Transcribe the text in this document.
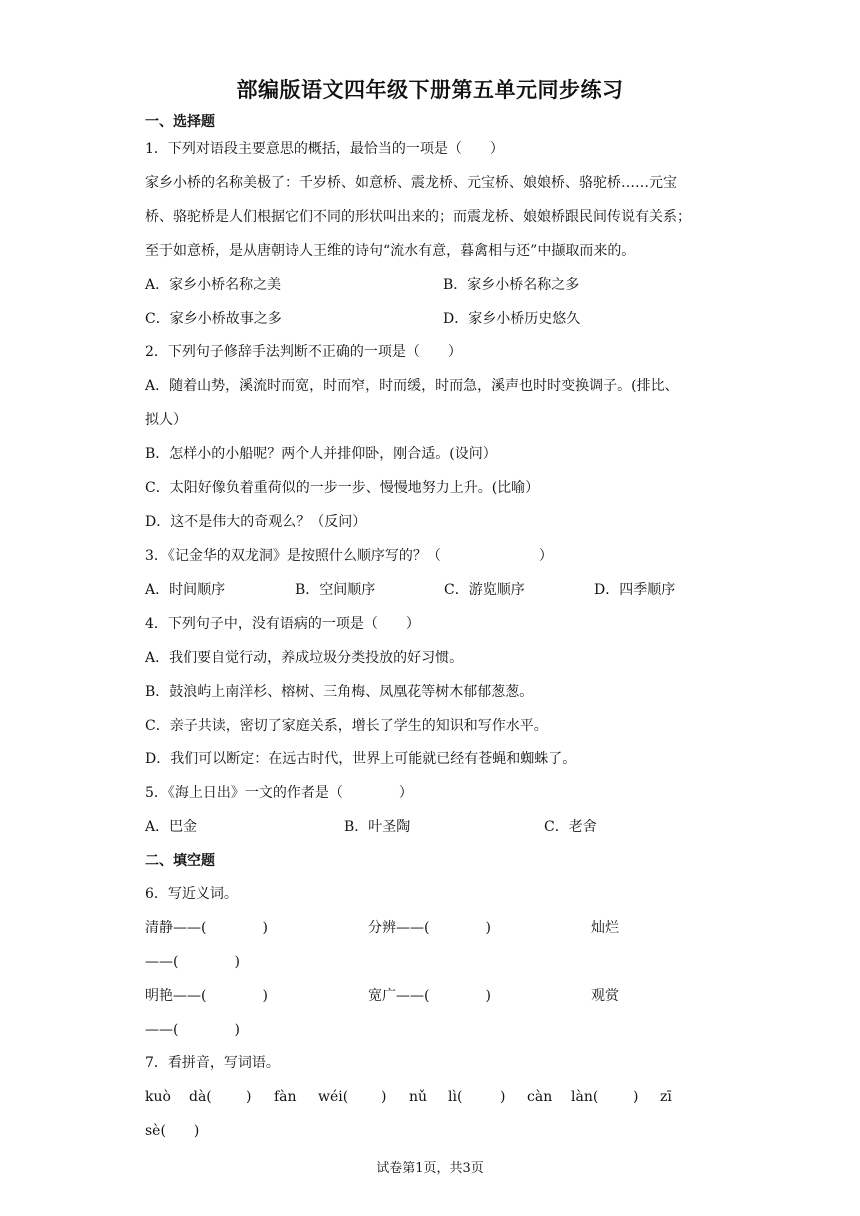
部编版语文四年级下册第五单元同步练习
一、选择题
1．下列对语段主要意思的概括，最恰当的一项是（　　）
家乡小桥的名称美极了：千岁桥、如意桥、震龙桥、元宝桥、娘娘桥、骆驼桥……元宝
桥、骆驼桥是人们根据它们不同的形状叫出来的；而震龙桥、娘娘桥跟民间传说有关系；
至于如意桥，是从唐朝诗人王维的诗句“流水有意，暮禽相与还”中撷取而来的。
A．家乡小桥名称之美	B．家乡小桥名称之多
C．家乡小桥故事之多	D．家乡小桥历史悠久
2．下列句子修辞手法判断不正确的一项是（　　）
A．随着山势，溪流时而宽，时而窄，时而缓，时而急，溪声也时时变换调子。(排比、
拟人）
B．怎样小的小船呢？两个人并排仰卧，刚合适。(设问）
C．太阳好像负着重荷似的一步一步、慢慢地努力上升。(比喻）
D．这不是伟大的奇观么？（反问）
3．《记金华的双龙洞》是按照什么顺序写的？（　　　　　　　）
A．时间顺序	B．空间顺序	C．游览顺序	D．四季顺序
4．下列句子中，没有语病的一项是（　　）
A．我们要自觉行动，养成垃圾分类投放的好习惯。
B．鼓浪屿上南洋杉、榕树、三角梅、凤凰花等树木郁郁葱葱。
C．亲子共读，密切了家庭关系，增长了学生的知识和写作水平。
D．我们可以断定：在远古时代，世界上可能就已经有苍蝇和蜘蛛了。
5．《海上日出》一文的作者是（　　　　）
A．巴金	B．叶圣陶	C．老舍
二、填空题
6．写近义词。
清静——(　　　　)	分辨——(　　　　)	灿烂
——(　　　　)
明艳——(　　　　)	宽广——(　　　　)	观赏
——(　　　　)
7．看拼音，写词语。
kuò dà( ) fàn wéi( ) nǔ lì(	) càn làn( ) zī
sè(　　)
试卷第1页，共3页
